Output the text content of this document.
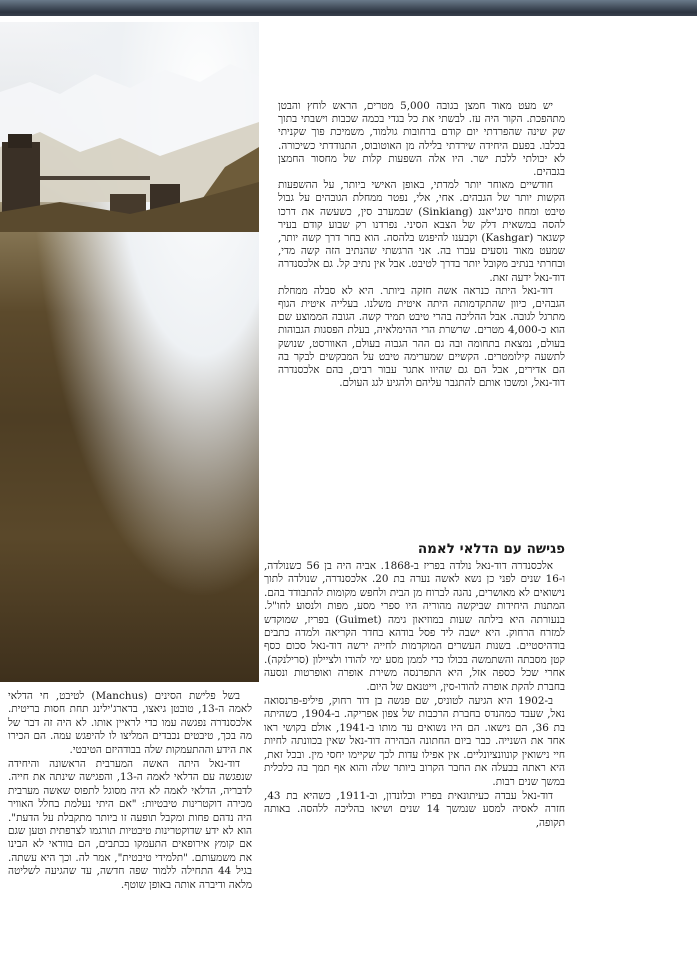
יש מעט מאוד חמצן בגובה 5,000 מטרים, הראש לוחץ והבטן מתהפכת. הקור היה עז. לבשתי את כל בגדי בכמה שכבות וישבתי בתוך שק שינה שהפרדתי יום קודם ברחובות גולמוד, משמיכת פוך שקניתי בכלבו. בפעם היחידה שירדתי בלילה מן האוטובוס, התנודדתי כשיכורה. לא יכולתי ללכת ישר. היו אלה השפעות קלות של מחסור החמצן בגבהים.

חודשיים מאוחר יותר למדתי, באופן האישי ביותר, על ההשפעות הקשות יותר של הגבהים. אחי, אלי, נפטר ממחלת הגובהים על גבול טיבט ומחוז סינג'יאנג (Sinkiang) שבמערב סין, כשעשה את דרכו להסה במשאית דלק של הצבא הסיני. נפרדנו רק שבוע קודם בעיר קשגאר (Kashgar) וקבענו להיפגש בלהסה. הוא בחר דרך קשה יותר, שמעט מאוד נוסעים עברו בה. אני הרגשתי שהנתיב הזה קשה מדי, ובחרתי בנתיב מקובל יותר בדרך לטיבט. אבל אין נתיב קל. גם אלכסנדרה דוד-נאל ידעה זאת.

דוד-נאל היתה כנראה אשה חזקה ביותר. היא לא סבלה ממחלת הגבהים, כיוון שהתקדמותה היתה איטית משלנו. בעלייה איטית הגוף מתרגל לגובה. אבל ההליכה בהרי טיבט תמיד קשה. הגובה הממוצע שם הוא כ-4,000 מטרים. שרשרת הרי ההימלאיה, בעלת הפסגות הגבוהות בעולם, נמצאת בתחומה ובה גם ההר הגבוה בעולם, האוורסט, שנושק לתשעה קילומטרים. הקשיים שמערימה טיבט על המבקשים לבקר בה הם אדירים, אבל הם גם שהיוו אתגר עבור רבים, בהם אלכסנדרה דוד-נאל, ומשכו אותם להתגבר עליהם ולהגיע לגג העולם.

פגישה עם הדלאי לאמה

אלכסנדרה דוד-נאל נולדה בפריז ב-1868. אביה היה בן 56 כשנולדה, ו-16 שנים לפני כן נשא לאשה נערה בת 20. אלכסנדרה, שנולדה לתוך נישואים לא מאושרים, נהגה לברוח מן הבית ולחפש מקומות להתבודד בהם. המתנות היחידות שביקשה מהוריה היו ספרי מסע, מפות ולנסוע לחו"ל. בנעורתה היא בילתה שעות במוזיאון גימה (Guimet) בפריז, שמוקדש למזרח הרחוק. היא ישבה ליד פסל בודהא בחדר הקריאה ולמדה כתבים בודהיסטיים. בשנות העשרים המוקדמות לחייה ירשה דוד-נאל סכום כסף קטן מסבתה והשתמשה בכולו כדי לממן מסע ימי להודו ולציילון (סרילנקה). אחרי שכל כספה אזל, היא התפרנסה משירת אופרה ואופרטות ונסעה בחברת להקת אופרה להודו-סין, וייטנאם של היום.

ב-1902 היא הגיעה לטוניס, שם פגשה בן דוד רחוק, פיליפ-פרנסואה נאל, שעבד כמהנדס בחברת הרכבות של צפון אפריקה. ב-1904, כשהיתה בת 36, הם נישאו. הם היו נשואים עד מותו ב-1941, אולם בקושי ראו אחד את השנייה. כבר ביום החתונה הבהירה דוד-נאל שאין בכוונתה לחיות חיי נישואין קונוונציונליים. אין אפילו עדות לכך שקיימו יחסי מין. ובכל זאת, היא ראתה בבעלה את החבר הקרוב ביותר שלה והוא אף תמך בה כלכלית במשך שנים רבות.

דוד-נאל עבדה כעיתונאית בפריז ובלונדון, וב-1911, כשהיא בת 43, חזרה לאסיה למסע שנמשך 14 שנים ושיאו בהליכה ללהסה. באותה תקופה,

בשל פלישת הסינים (Manchus) לטיבט, חי הדלאי לאמה ה-13, טובטן גיאצו, בדארג'ילינג תחת חסות בריטית. אלכסנדרה נפגשה עמו כדי לראיין אותו. לא היה זה דבר של מה בכך, טיבטים נכבדים המליצו לו להיפגש עמה. הם הכירו את הידע וההתעמקות שלה בבודהיזם הטיבטי.

דוד-נאל היתה האשה המערבית הראשונה והיחידה שנפגשה עם הדלאי לאמה ה-13, והפגישה שינתה את חייה. לדבריה, הדלאי לאמה לא היה מסוגל לתפוס שאשה מערבית מכירה דוקטרינות טיבטיות: "אם היתי נעלמת בחלל האוויר היה נדהם פחות ומקבל תופעה זו ביותר מתקבלת על הדעת". הוא לא ידע שדוקטרינות טיבטיות תורגמו לצרפתית וטען שגם אם קומץ אירופאים התעמקו בכתבים, הם בוודאי לא הבינו את משמעותם. "תלמידי טיבטית", אמר לה. וכך היא עשתה. בגיל 44 התחילה ללמוד שפה חדשה, עד שהגיעה לשליטה מלאה ודיברה אותה באופן שוטף.
